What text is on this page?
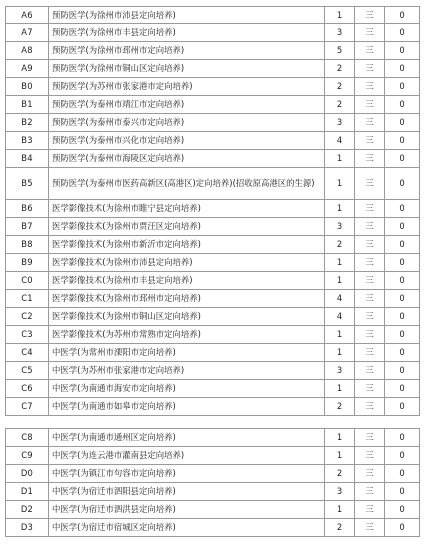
A6	预防医学(为徐州市沛县定向培养)	1	三	0
A7	预防医学(为徐州市丰县定向培养)	3	三	0
A8	预防医学(为徐州市邳州市定向培养)	5	三	0
A9	预防医学(为徐州市铜山区定向培养)	2	三	0
B0	预防医学(为苏州市张家港市定向培养)	2	三	0
B1	预防医学(为泰州市靖江市定向培养)	2	三	0
B2	预防医学(为泰州市泰兴市定向培养)	3	三	0
B3	预防医学(为泰州市兴化市定向培养)	4	三	0
B4	预防医学(为泰州市海陵区定向培养)	1	三	0
B5	预防医学(为泰州市医药高新区(高港区)定向培养)(招收原高港区的生源)	1	三	0
B6	医学影像技术(为徐州市睢宁县定向培养)	1	三	0
B7	医学影像技术(为徐州市贾汪区定向培养)	3	三	0
B8	医学影像技术(为徐州市新沂市定向培养)	2	三	0
B9	医学影像技术(为徐州市沛县定向培养)	1	三	0
C0	医学影像技术(为徐州市丰县定向培养)	1	三	0
C1	医学影像技术(为徐州市邳州市定向培养)	4	三	0
C2	医学影像技术(为徐州市铜山区定向培养)	4	三	0
C3	医学影像技术(为苏州市常熟市定向培养)	1	三	0
C4	中医学(为常州市溧阳市定向培养)	1	三	0
C5	中医学(为苏州市张家港市定向培养)	3	三	0
C6	中医学(为南通市海安市定向培养)	1	三	0
C7	中医学(为南通市如皋市定向培养)	2	三	0
C8	中医学(为南通市通州区定向培养)	1	三	0
C9	中医学(为连云港市灌南县定向培养)	1	三	0
D0	中医学(为镇江市句容市定向培养)	2	三	0
D1	中医学(为宿迁市泗阳县定向培养)	3	三	0
D2	中医学(为宿迁市泗洪县定向培养)	1	三	0
D3	中医学(为宿迁市宿城区定向培养)	2	三	0
